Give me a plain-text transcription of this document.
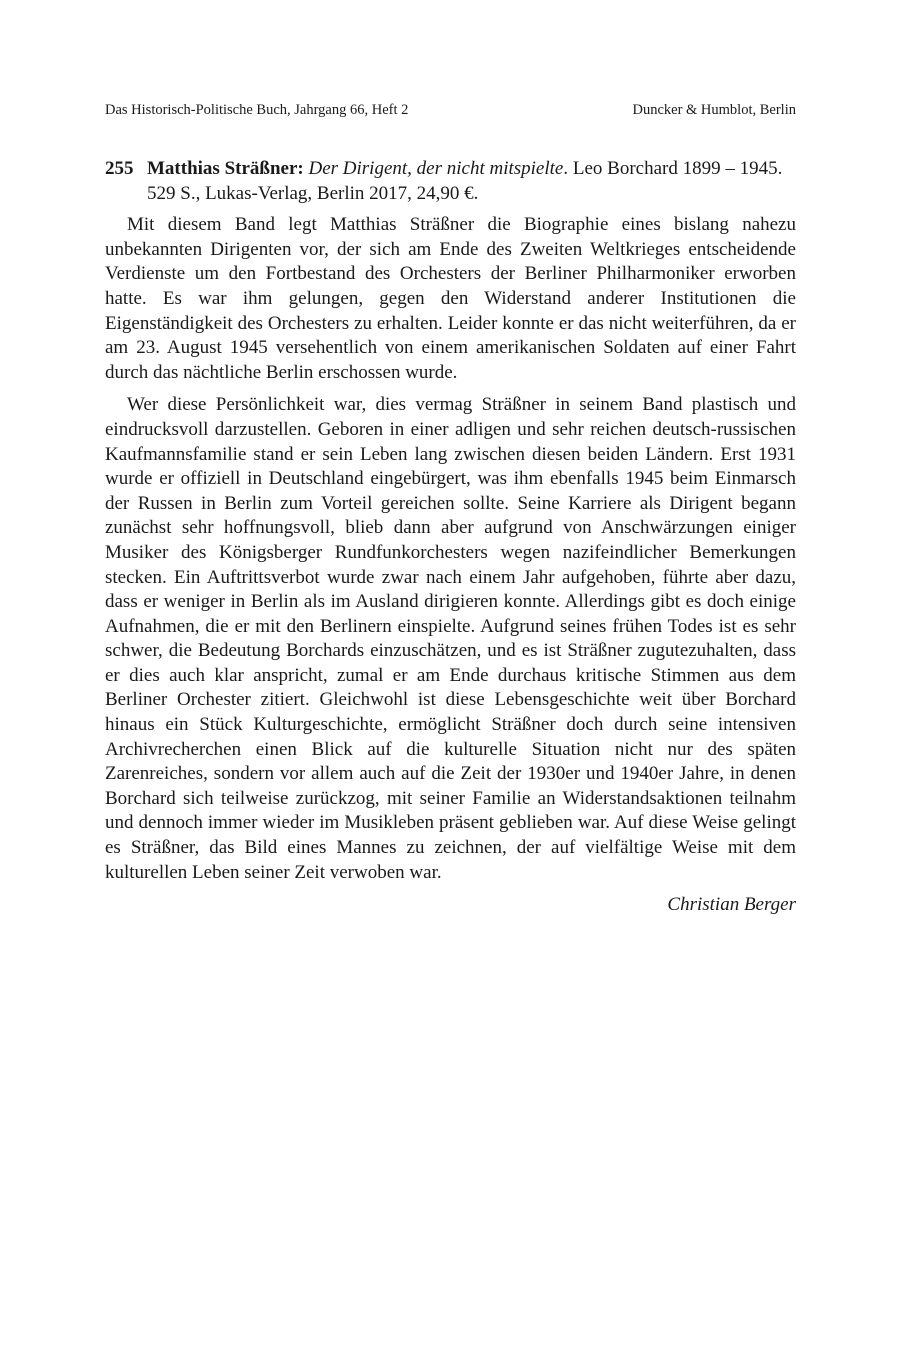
Das Historisch-Politische Buch, Jahrgang 66, Heft 2	Duncker & Humblot, Berlin

255 Matthias Sträßner: Der Dirigent, der nicht mitspielte. Leo Borchard 1899 – 1945. 529 S., Lukas-Verlag, Berlin 2017, 24,90 €.

Mit diesem Band legt Matthias Sträßner die Biographie eines bislang nahezu unbekannten Dirigenten vor, der sich am Ende des Zweiten Weltkrieges entscheidende Verdienste um den Fortbestand des Orchesters der Berliner Philharmoniker erworben hatte. Es war ihm gelungen, gegen den Widerstand anderer Institutionen die Eigenständigkeit des Orchesters zu erhalten. Leider konnte er das nicht weiterführen, da er am 23. August 1945 versehentlich von einem amerikanischen Soldaten auf einer Fahrt durch das nächtliche Berlin erschossen wurde.

Wer diese Persönlichkeit war, dies vermag Sträßner in seinem Band plastisch und eindrucksvoll darzustellen. Geboren in einer adligen und sehr reichen deutsch-russischen Kaufmannsfamilie stand er sein Leben lang zwischen diesen beiden Ländern. Erst 1931 wurde er offiziell in Deutschland eingebürgert, was ihm ebenfalls 1945 beim Einmarsch der Russen in Berlin zum Vorteil gereichen sollte. Seine Karriere als Dirigent begann zunächst sehr hoffnungsvoll, blieb dann aber aufgrund von Anschwärzungen einiger Musiker des Königsberger Rundfunkorchesters wegen nazifeindlicher Bemerkungen stecken. Ein Auftrittsverbot wurde zwar nach einem Jahr aufgehoben, führte aber dazu, dass er weniger in Berlin als im Ausland dirigieren konnte. Allerdings gibt es doch einige Aufnahmen, die er mit den Berlinern einspielte. Aufgrund seines frühen Todes ist es sehr schwer, die Bedeutung Borchards einzuschätzen, und es ist Sträßner zugutezuhalten, dass er dies auch klar anspricht, zumal er am Ende durchaus kritische Stimmen aus dem Berliner Orchester zitiert. Gleichwohl ist diese Lebensgeschichte weit über Borchard hinaus ein Stück Kulturgeschichte, ermöglicht Sträßner doch durch seine intensiven Archivrecherchen einen Blick auf die kulturelle Situation nicht nur des späten Zarenreiches, sondern vor allem auch auf die Zeit der 1930er und 1940er Jahre, in denen Borchard sich teilweise zurückzog, mit seiner Familie an Widerstandsaktionen teilnahm und dennoch immer wieder im Musikleben präsent geblieben war. Auf diese Weise gelingt es Sträßner, das Bild eines Mannes zu zeichnen, der auf vielfältige Weise mit dem kulturellen Leben seiner Zeit verwoben war.

Christian Berger
